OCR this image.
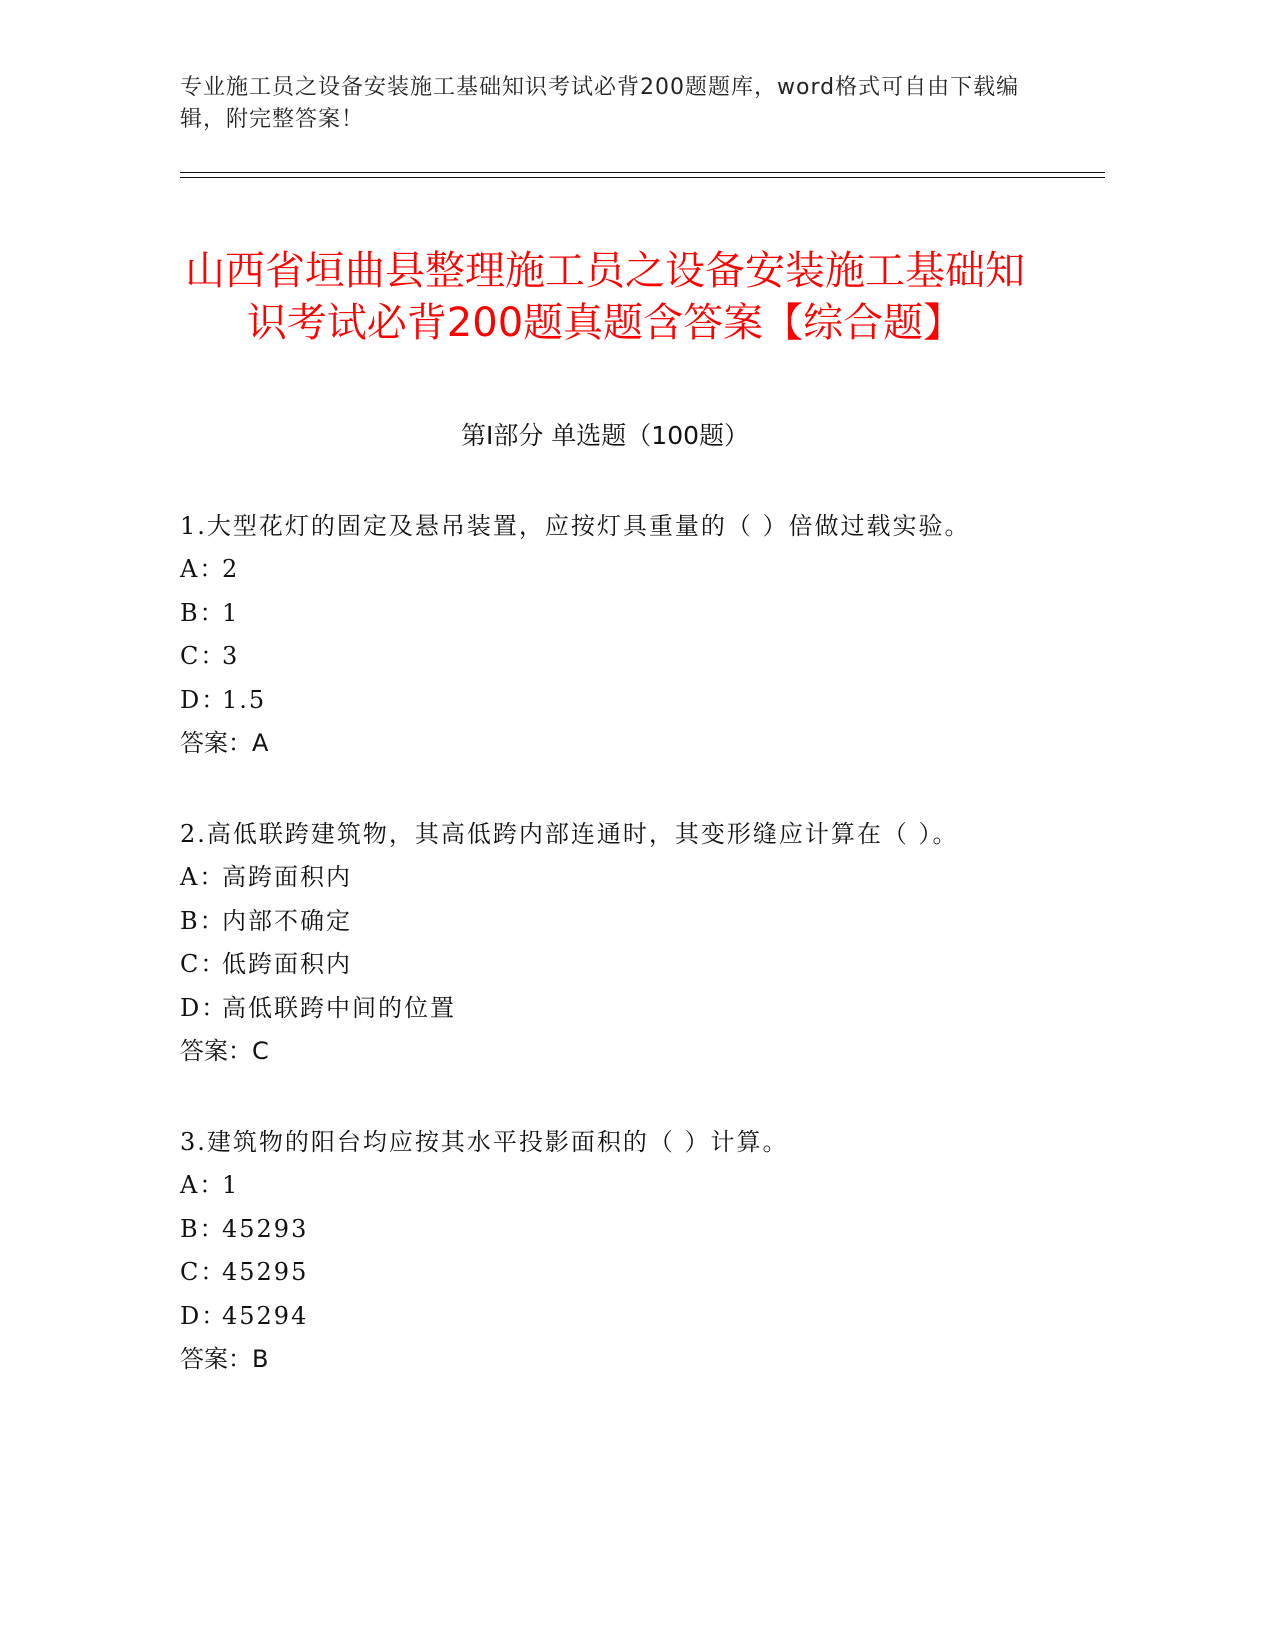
专业施工员之设备安装施工基础知识考试必背200题题库，word格式可自由下载编辑，附完整答案！
山西省垣曲县整理施工员之设备安装施工基础知识考试必背200题真题含答案【综合题】
第Ⅰ部分 单选题（100题）
1.大型花灯的固定及悬吊装置，应按灯具重量的（ ）倍做过载实验。
A：2
B：1
C：3
D：1.5
答案：A
2.高低联跨建筑物，其高低跨内部连通时，其变形缝应计算在（ ）。
A：高跨面积内
B：内部不确定
C：低跨面积内
D：高低联跨中间的位置
答案：C
3.建筑物的阳台均应按其水平投影面积的（ ）计算。
A：1
B：45293
C：45295
D：45294
答案：B
